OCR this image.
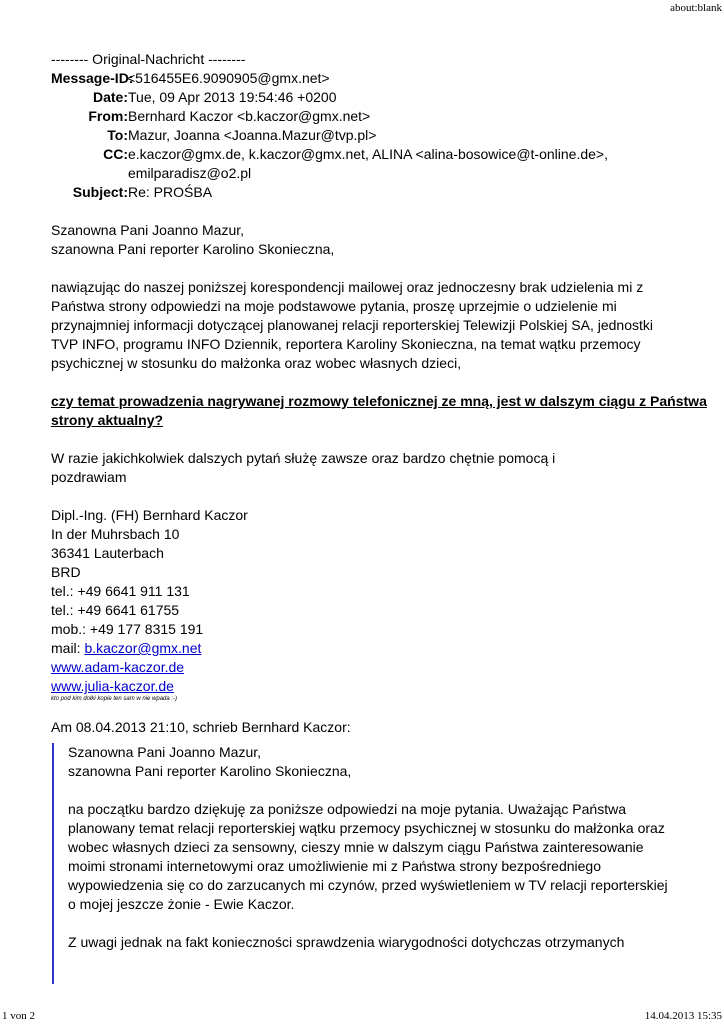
about:blank
-------- Original-Nachricht --------
Message-ID:
<516455E6.9090905@gmx.net>
Date: Tue, 09 Apr 2013 19:54:46 +0200
From: Bernhard Kaczor <b.kaczor@gmx.net>
To: Mazur, Joanna <Joanna.Mazur@tvp.pl>
CC: e.kaczor@gmx.de, k.kaczor@gmx.net, ALINA <alina-bosowice@t-online.de>,
emilparadisz@o2.pl
Subject: Re: PROŚBA
Szanowna Pani Joanno Mazur,
szanowna Pani reporter Karolino Skonieczna,
nawiązując do naszej poniższej korespondencji mailowej oraz jednoczesny brak udzielenia mi z
Państwa strony odpowiedzi na moje podstawowe pytania, proszę uprzejmie o udzielenie mi
przynajmniej informacji dotyczącej planowanej relacji reporterskiej Telewizji Polskiej SA, jednostki
TVP INFO, programu INFO Dziennik, reportera Karoliny Skonieczna, na temat wątku przemocy
psychicznej w stosunku do małżonka oraz wobec własnych dzieci,
czy temat prowadzenia nagrywanej rozmowy telefonicznej ze mną, jest w dalszym ciągu z Państwa
strony aktualny?
W razie jakichkolwiek dalszych pytań służę zawsze oraz bardzo chętnie pomocą i
pozdrawiam
Dipl.-Ing. (FH) Bernhard Kaczor
In der Muhrsbach 10
36341 Lauterbach
BRD
tel.: +49 6641 911 131
tel.: +49 6641 61755
mob.: +49 177 8315 191
mail: b.kaczor@gmx.net
www.adam-kaczor.de
www.julia-kaczor.de
kto pod kim dołki kopie ten sam w nie wpada :-)
Am 08.04.2013 21:10, schrieb Bernhard Kaczor:
Szanowna Pani Joanno Mazur,
szanowna Pani reporter Karolino Skonieczna,
na początku bardzo dziękuję za poniższe odpowiedzi na moje pytania. Uważając Państwa
planowany temat relacji reporterskiej wątku przemocy psychicznej w stosunku do małżonka oraz
wobec własnych dzieci za sensowny, cieszy mnie w dalszym ciągu Państwa zainteresowanie
moimi stronami internetowymi oraz umożliwienie mi z Państwa strony bezpośredniego
wypowiedzenia się co do zarzucanych mi czynów, przed wyświetleniem w TV relacji reporterskiej
o mojej jeszcze żonie - Ewie Kaczor.
Z uwagi jednak na fakt konieczności sprawdzenia wiarygodności dotychczas otrzymanych
1 von 2	14.04.2013 15:35
